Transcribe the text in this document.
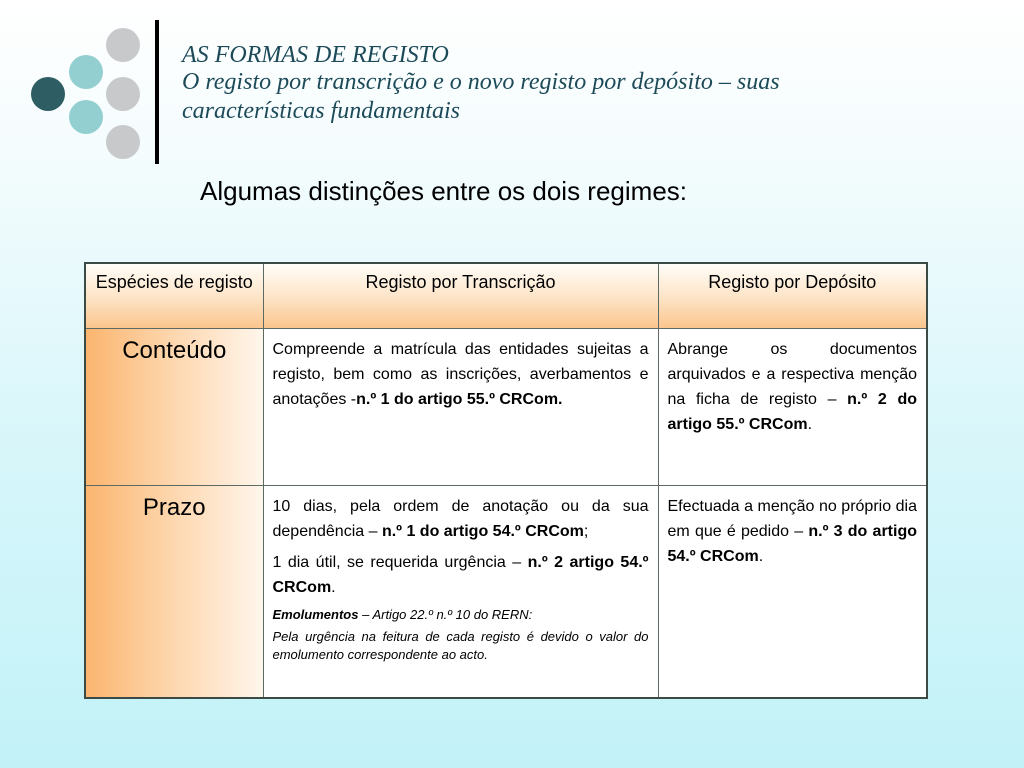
AS FORMAS DE REGISTO
O registo por transcrição e o novo registo por depósito – suas
características fundamentais
Algumas distinções entre os dois regimes:
Espécies de registo	Registo por Transcrição	Registo por Depósito
Conteúdo	Compreende a matrícula das entidades sujeitas a registo, bem como as inscrições, averbamentos e anotações -n.º 1 do artigo 55.º CRCom.	Abrange os documentos arquivados e a respectiva menção na ficha de registo – n.º 2 do artigo 55.º CRCom.
Prazo	10 dias, pela ordem de anotação ou da sua dependência – n.º 1 do artigo 54.º CRCom;

1 dia útil, se requerida urgência – n.º 2 artigo 54.º CRCom.

Emolumentos – Artigo 22.º n.º 10 do RERN:

Pela urgência na feitura de cada registo é devido o valor do emolumento correspondente ao acto.	Efectuada a menção no próprio dia em que é pedido – n.º 3 do artigo 54.º CRCom.
